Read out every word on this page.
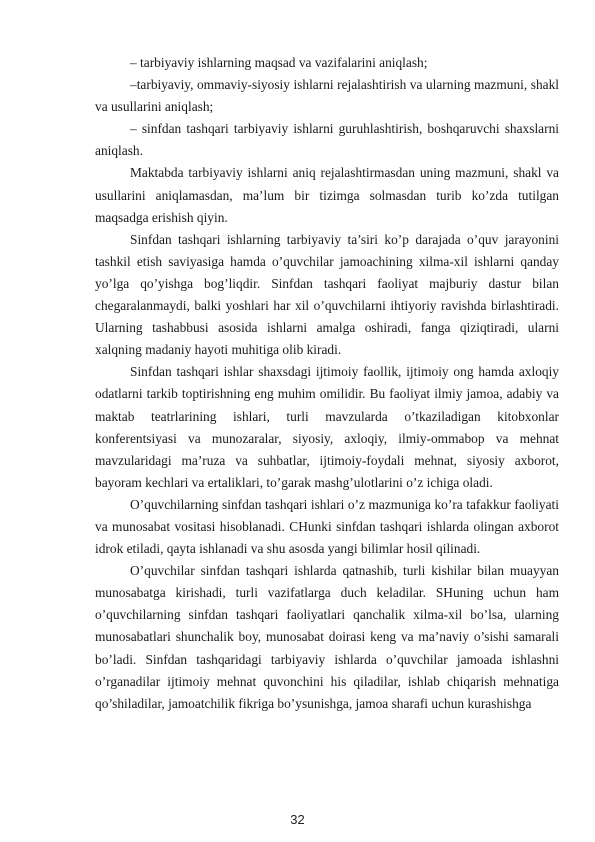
– tarbiyaviy ishlarning maqsad va vazifalarini aniqlash;

–tarbiyaviy, ommaviy-siyosiy ishlarni rejalashtirish va ularning mazmuni, shakl va usullarini aniqlash;

– sinfdan tashqari tarbiyaviy ishlarni guruhlashtirish, boshqaruvchi shaxslarni aniqlash.

Maktabda tarbiyaviy ishlarni aniq rejalashtirmasdan uning mazmuni, shakl va usullarini aniqlamasdan, ma’lum bir tizimga solmasdan turib ko’zda tutilgan maqsadga erishish qiyin.

Sinfdan tashqari ishlarning tarbiyaviy ta’siri ko’p darajada o’quv jarayonini tashkil etish saviyasiga hamda o’quvchilar jamoachining xilma-xil ishlarni qanday yo’lga qo’yishga bog’liqdir. Sinfdan tashqari faoliyat majburiy dastur bilan chegaralanmaydi, balki yoshlari har xil o’quvchilarni ihtiyoriy ravishda birlashtiradi. Ularning tashabbusi asosida ishlarni amalga oshiradi, fanga qiziqtiradi, ularni xalqning madaniy hayoti muhitiga olib kiradi.

Sinfdan tashqari ishlar shaxsdagi ijtimoiy faollik, ijtimoiy ong hamda axloqiy odatlarni tarkib toptirishning eng muhim omilidir. Bu faoliyat ilmiy jamoa, adabiy va maktab teatrlarining ishlari, turli mavzularda o’tkaziladigan kitobxonlar konferentsiyasi va munozaralar, siyosiy, axloqiy, ilmiy-ommabop va mehnat mavzularidagi ma’ruza va suhbatlar, ijtimoiy-foydali mehnat, siyosiy axborot, bayoram kechlari va ertaliklari, to’garak mashg’ulotlarini o’z ichiga oladi.

O’quvchilarning sinfdan tashqari ishlari o’z mazmuniga ko’ra tafakkur faoliyati va munosabat vositasi hisoblanadi. CHunki sinfdan tashqari ishlarda olingan axborot idrok etiladi, qayta ishlanadi va shu asosda yangi bilimlar hosil qilinadi.

O’quvchilar sinfdan tashqari ishlarda qatnashib, turli kishilar bilan muayyan munosabatga kirishadi, turli vazifatlarga duch keladilar. SHuning uchun ham o’quvchilarning sinfdan tashqari faoliyatlari qanchalik xilma-xil bo’lsa, ularning munosabatlari shunchalik boy, munosabat doirasi keng va ma’naviy o’sishi samarali bo’ladi. Sinfdan tashqaridagi tarbiyaviy ishlarda o’quvchilar jamoada ishlashni o’rganadilar ijtimoiy mehnat quvonchini his qiladilar, ishlab chiqarish mehnatiga qo’shiladilar, jamoatchilik fikriga bo’ysunishga, jamoa sharafi uchun kurashishga

32
